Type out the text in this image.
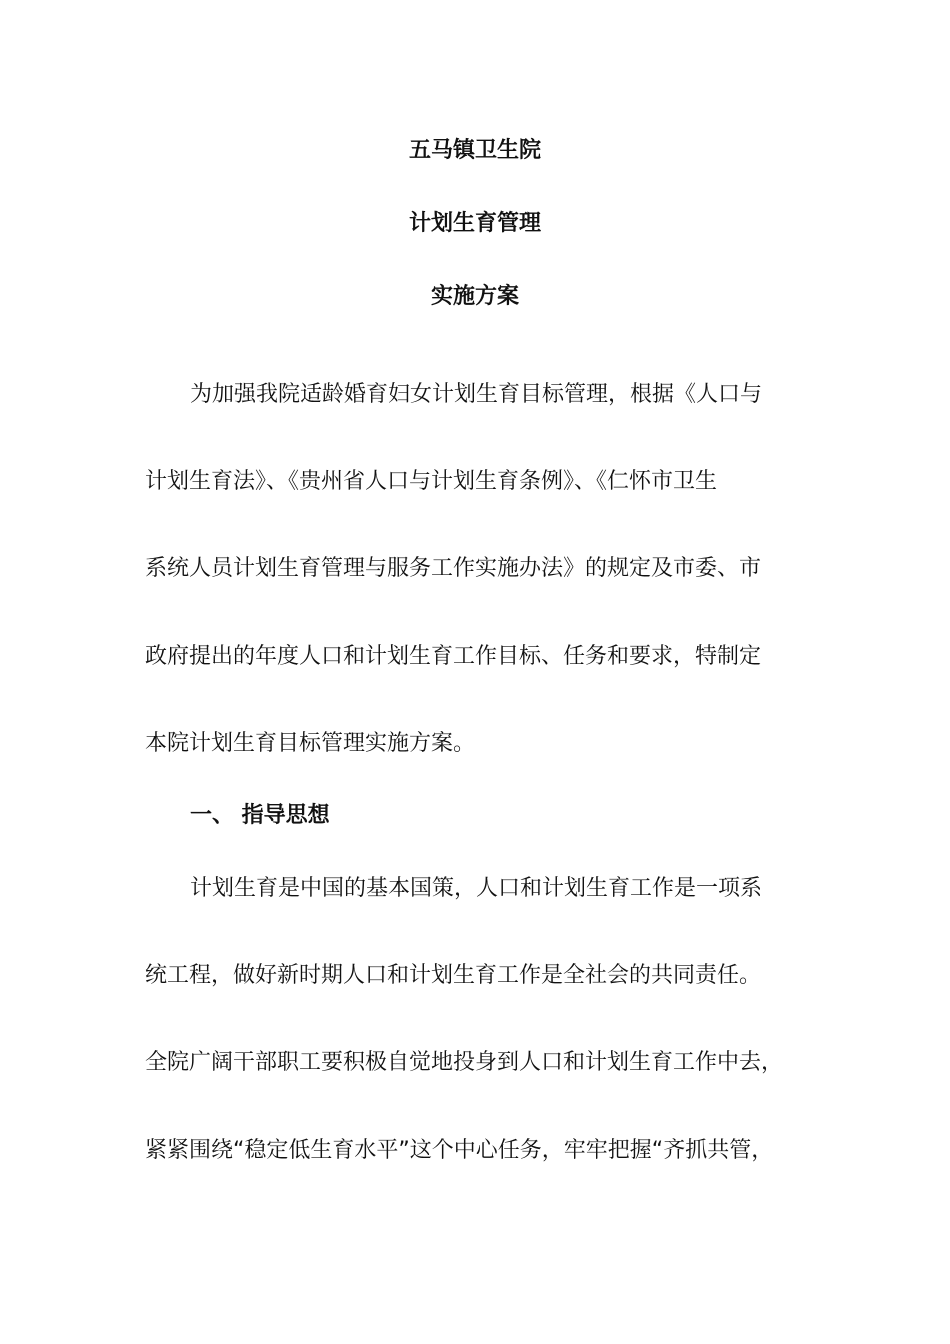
五马镇卫生院
计划生育管理
实施方案

为加强我院适龄婚育妇女计划生育目标管理，根据《人口与

计划生育法》、《贵州省人口与计划生育条例》、《仁怀市卫生

系统人员计划生育管理与服务工作实施办法》的规定及市委、市

政府提出的年度人口和计划生育工作目标、任务和要求，特制定

本院计划生育目标管理实施方案。

一、 指导思想

计划生育是中国的基本国策，人口和计划生育工作是一项系

统工程，做好新时期人口和计划生育工作是全社会的共同责任。

全院广阔干部职工要积极自觉地投身到人口和计划生育工作中去，

紧紧围绕“稳定低生育水平”这个中心任务，牢牢把握“齐抓共管，
